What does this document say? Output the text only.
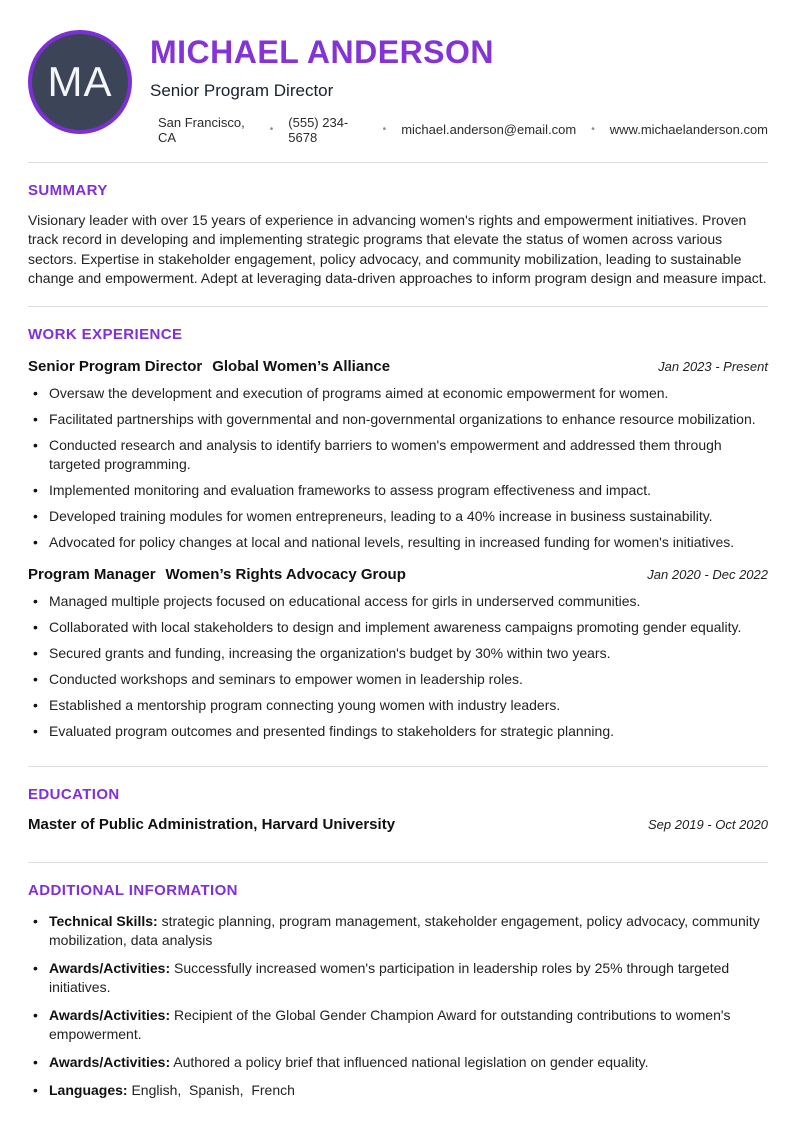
MA
MICHAEL ANDERSON
Senior Program Director
San Francisco, CA
•
(555) 234-5678 •	michael.anderson@email.com •	www.michaelanderson.com
SUMMARY

Visionary leader with over 15 years of experience in advancing women's rights and empowerment initiatives. Proven track record in developing and implementing strategic programs that elevate the status of women across various sectors. Expertise in stakeholder engagement, policy advocacy, and community mobilization, leading to sustainable change and empowerment. Adept at leveraging data-driven approaches to inform program design and measure impact.

WORK EXPERIENCE
Senior Program Director Global Women’s Alliance	Jan 2023 - Present
• Oversaw the development and execution of programs aimed at economic empowerment for women.
• Facilitated partnerships with governmental and non-governmental organizations to enhance resource mobilization.
• Conducted research and analysis to identify barriers to women's empowerment and addressed them through targeted programming.
• Implemented monitoring and evaluation frameworks to assess program effectiveness and impact.
• Developed training modules for women entrepreneurs, leading to a 40% increase in business sustainability.
• Advocated for policy changes at local and national levels, resulting in increased funding for women's initiatives.
Program Manager Women’s Rights Advocacy Group	Jan 2020 - Dec 2022
• Managed multiple projects focused on educational access for girls in underserved communities.
• Collaborated with local stakeholders to design and implement awareness campaigns promoting gender equality.
• Secured grants and funding, increasing the organization's budget by 30% within two years.
• Conducted workshops and seminars to empower women in leadership roles.
• Established a mentorship program connecting young women with industry leaders.
• Evaluated program outcomes and presented findings to stakeholders for strategic planning.
EDUCATION
Master of Public Administration, Harvard University	Sep 2019 - Oct 2020
ADDITIONAL INFORMATION
• Technical Skills: strategic planning, program management, stakeholder engagement, policy advocacy, community mobilization, data analysis
• Awards/Activities: Successfully increased women's participation in leadership roles by 25% through targeted initiatives.
• Awards/Activities: Recipient of the Global Gender Champion Award for outstanding contributions to women's empowerment.
• Awards/Activities: Authored a policy brief that influenced national legislation on gender equality.
• Languages: English,  Spanish,  French
